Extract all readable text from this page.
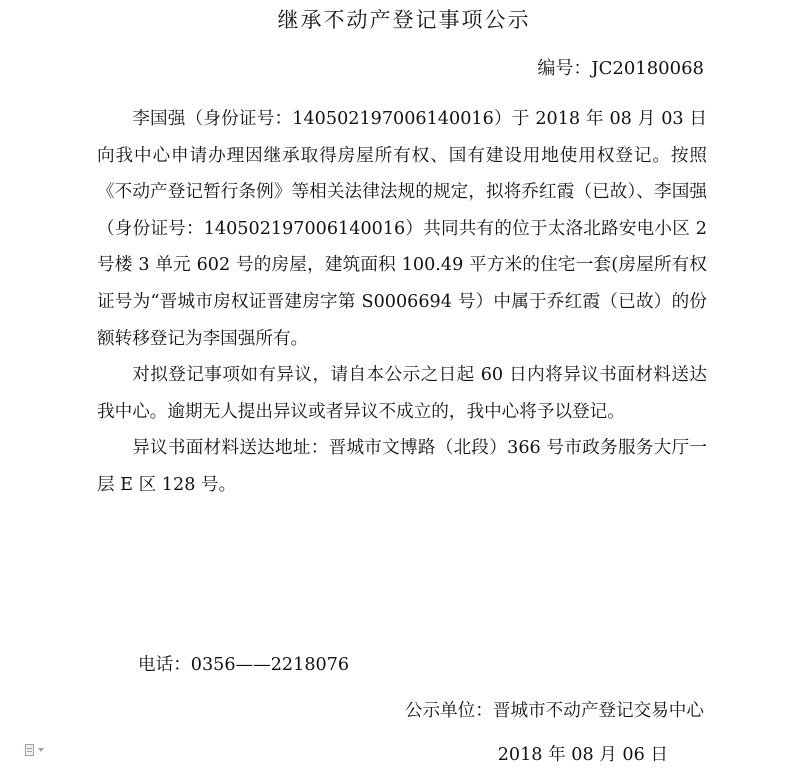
继承不动产登记事项公示
编号：JC20180068

李国强（身份证号：140502197006140016）于 2018 年 08 月 03 日向我中心申请办理因继承取得房屋所有权、国有建设用地使用权登记。按照《不动产登记暂行条例》等相关法律法规的规定，拟将乔红霞（已故）、李国强（身份证号：140502197006140016）共同共有的位于太洛北路安电小区 2 号楼 3 单元 602 号的房屋，建筑面积 100.49 平方米的住宅一套(房屋所有权证号为“晋城市房权证晋建房字第 S0006694 号）中属于乔红霞（已故）的份额转移登记为李国强所有。

对拟登记事项如有异议，请自本公示之日起 60 日内将异议书面材料送达我中心。逾期无人提出异议或者异议不成立的，我中心将予以登记。

异议书面材料送达地址：晋城市文博路（北段）366 号市政务服务大厅一层 E 区 128 号。

电话：0356——2218076
公示单位：晋城市不动产登记交易中心
2018 年 08 月 06 日
